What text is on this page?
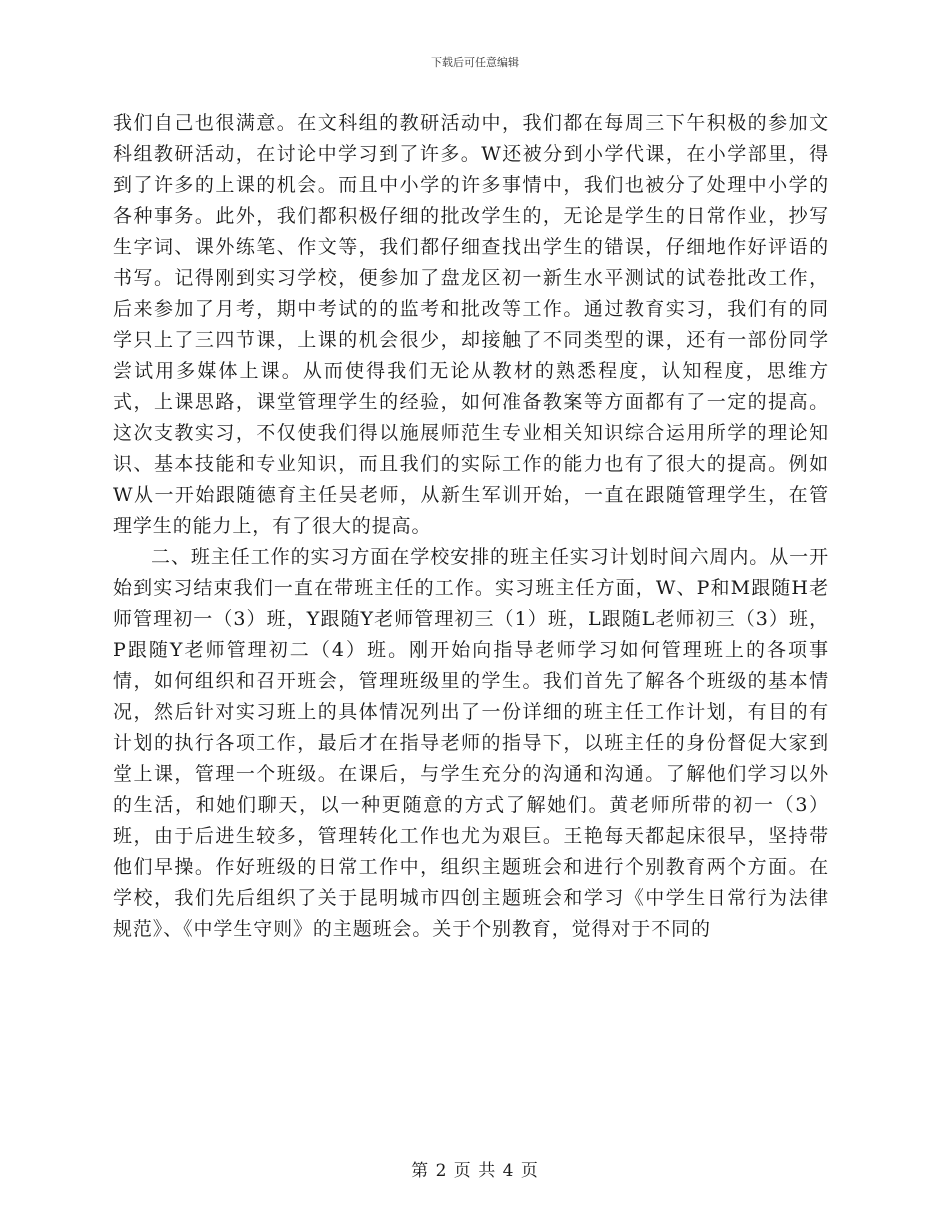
下载后可任意编辑

我们自己也很满意。在文科组的教研活动中，我们都在每周三下午积极的参加文科组教研活动，在讨论中学习到了许多。W还被分到小学代课，在小学部里，得到了许多的上课的机会。而且中小学的许多事情中，我们也被分了处理中小学的各种事务。此外，我们都积极仔细的批改学生的，无论是学生的日常作业，抄写生字词、课外练笔、作文等，我们都仔细查找出学生的错误，仔细地作好评语的书写。记得刚到实习学校，便参加了盘龙区初一新生水平测试的试卷批改工作，后来参加了月考，期中考试的的监考和批改等工作。通过教育实习，我们有的同学只上了三四节课，上课的机会很少，却接触了不同类型的课，还有一部份同学尝试用多媒体上课。从而使得我们无论从教材的熟悉程度，认知程度，思维方式，上课思路，课堂管理学生的经验，如何准备教案等方面都有了一定的提高。这次支教实习，不仅使我们得以施展师范生专业相关知识综合运用所学的理论知识、基本技能和专业知识，而且我们的实际工作的能力也有了很大的提高。例如W从一开始跟随德育主任吴老师，从新生军训开始，一直在跟随管理学生，在管理学生的能力上，有了很大的提高。

二、班主任工作的实习方面在学校安排的班主任实习计划时间六周内。从一开始到实习结束我们一直在带班主任的工作。实习班主任方面，W、P和M跟随H老师管理初一（3）班，Y跟随Y老师管理初三（1）班，L跟随L老师初三（3）班，P跟随Y老师管理初二（4）班。刚开始向指导老师学习如何管理班上的各项事情，如何组织和召开班会，管理班级里的学生。我们首先了解各个班级的基本情况，然后针对实习班上的具体情况列出了一份详细的班主任工作计划，有目的有计划的执行各项工作，最后才在指导老师的指导下，以班主任的身份督促大家到堂上课，管理一个班级。在课后，与学生充分的沟通和沟通。了解他们学习以外的生活，和她们聊天，以一种更随意的方式了解她们。黄老师所带的初一（3）班，由于后进生较多，管理转化工作也尤为艰巨。王艳每天都起床很早，坚持带他们早操。作好班级的日常工作中，组织主题班会和进行个别教育两个方面。在学校，我们先后组织了关于昆明城市四创主题班会和学习《中学生日常行为法律规范》、《中学生守则》的主题班会。关于个别教育，觉得对于不同的

第 2 页 共 4 页
